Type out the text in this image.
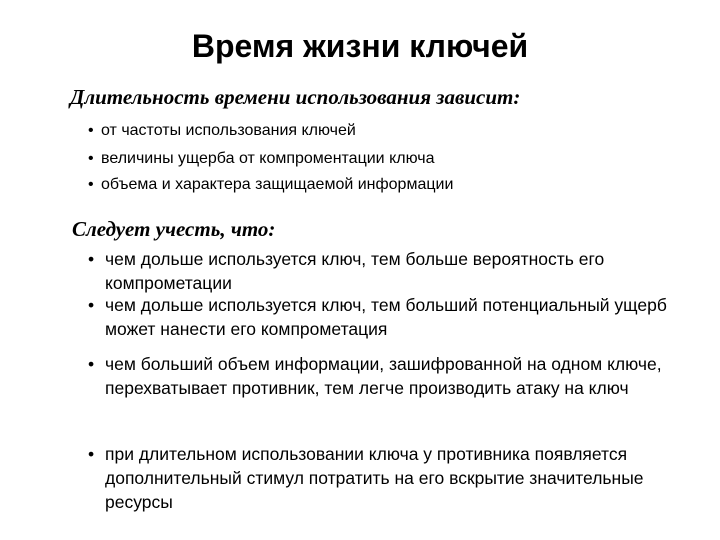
Время жизни ключей
Длительность времени использования зависит:
• от частоты использования ключей
• величины ущерба от компроментации ключа
• объема и характера защищаемой информации
Следует учесть, что:
• чем дольше используется ключ, тем больше вероятность его компрометации
• чем дольше используется ключ, тем больший потенциальный ущерб может нанести его компрометация
• чем больший объем информации, зашифрованной на одном ключе, перехватывает противник, тем легче производить атаку на ключ
• при длительном использовании ключа у противника появляется дополнительный стимул потратить на его вскрытие значительные ресурсы
